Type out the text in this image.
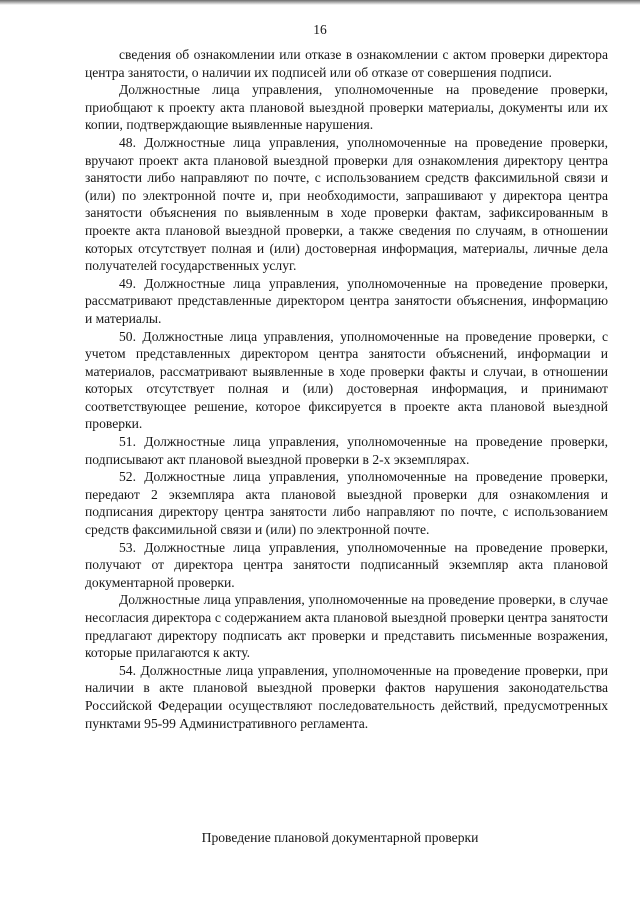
16

сведения об ознакомлении или отказе в ознакомлении с актом проверки директора центра занятости, о наличии их подписей или об отказе от совершения подписи.

Должностные лица управления, уполномоченные на проведение проверки, приобщают к проекту акта плановой выездной проверки материалы, документы или их копии, подтверждающие выявленные нарушения.

48. Должностные лица управления, уполномоченные на проведение проверки, вручают проект акта плановой выездной проверки для ознакомления директору центра занятости либо направляют по почте, с использованием средств факсимильной связи и (или) по электронной почте и, при необходимости, запрашивают у директора центра занятости объяснения по выявленным в ходе проверки фактам, зафиксированным в проекте акта плановой выездной проверки, а также сведения по случаям, в отношении которых отсутствует полная и (или) достоверная информация, материалы, личные дела получателей государственных услуг.

49. Должностные лица управления, уполномоченные на проведение проверки, рассматривают представленные директором центра занятости объяснения, информацию и материалы.

50. Должностные лица управления, уполномоченные на проведение проверки, с учетом представленных директором центра занятости объяснений, информации и материалов, рассматривают выявленные в ходе проверки факты и случаи, в отношении которых отсутствует полная и (или) достоверная информация, и принимают соответствующее решение, которое фиксируется в проекте акта плановой выездной проверки.

51. Должностные лица управления, уполномоченные на проведение проверки, подписывают акт плановой выездной проверки в 2-х экземплярах.

52. Должностные лица управления, уполномоченные на проведение проверки, передают 2 экземпляра акта плановой выездной проверки для ознакомления и подписания директору центра занятости либо направляют по почте, с использованием средств факсимильной связи и (или) по электронной почте.

53. Должностные лица управления, уполномоченные на проведение проверки, получают от директора центра занятости подписанный экземпляр акта плановой документарной проверки.

Должностные лица управления, уполномоченные на проведение проверки, в случае несогласия директора с содержанием акта плановой выездной проверки центра занятости предлагают директору подписать акт проверки и представить письменные возражения, которые прилагаются к акту.

54. Должностные лица управления, уполномоченные на проведение проверки, при наличии в акте плановой выездной проверки фактов нарушения законодательства Российской Федерации осуществляют последовательность действий, предусмотренных пунктами 95-99 Административного регламента.

Проведение плановой документарной проверки
